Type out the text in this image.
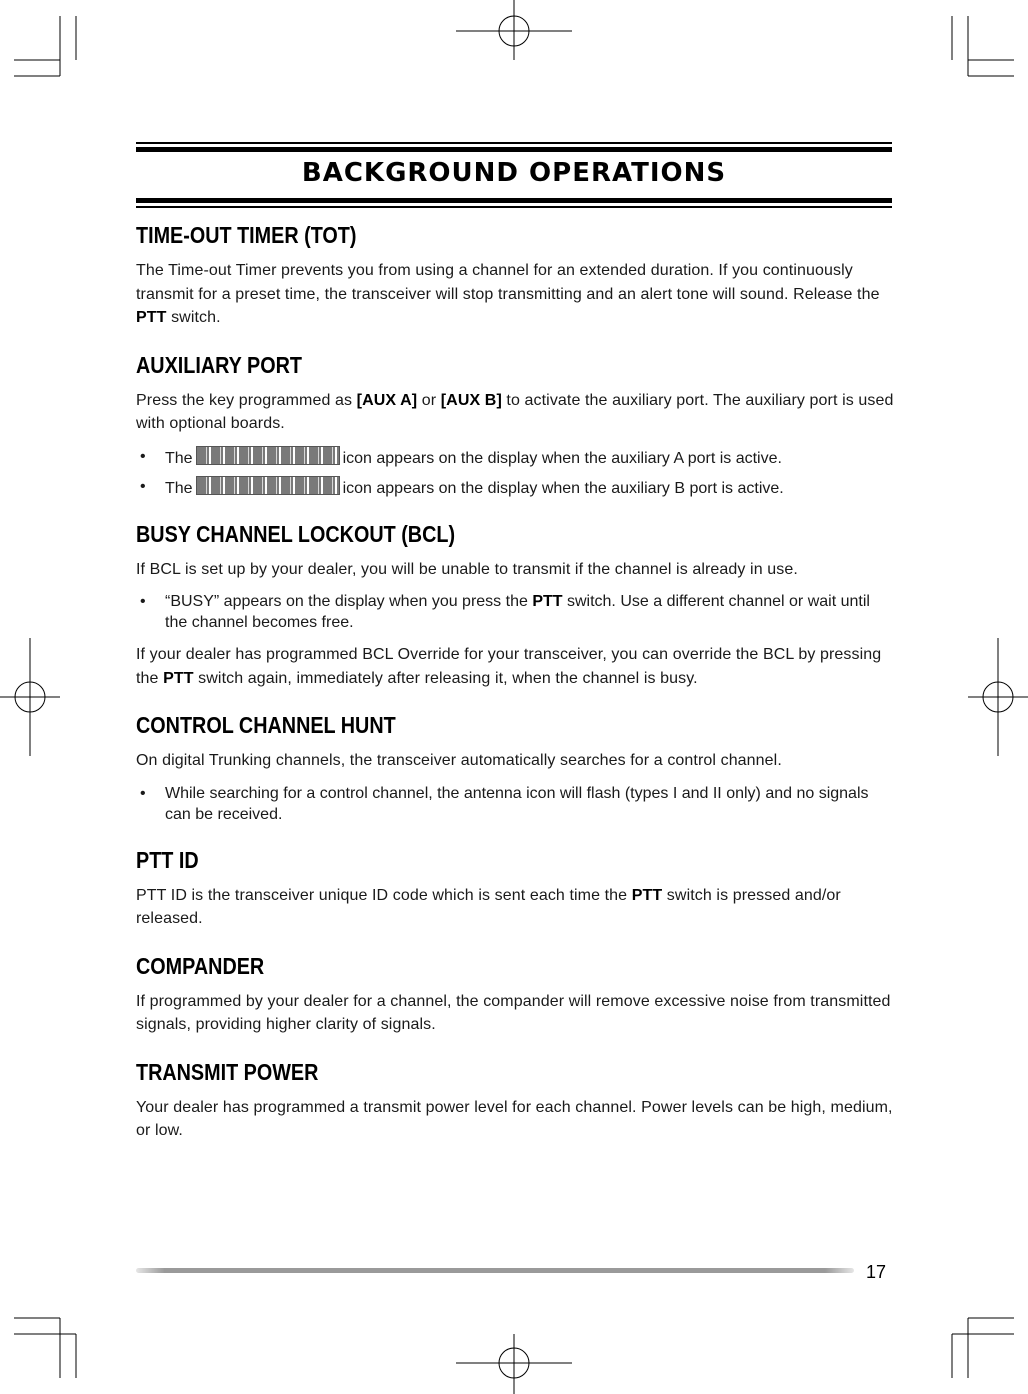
BACKGROUND OPERATIONS
TIME-OUT TIMER (TOT)

The Time-out Timer prevents you from using a channel for an extended duration. If you continuously transmit for a preset time, the transceiver will stop transmitting and an alert tone will sound. Release the PTT switch.

AUXILIARY PORT

Press the key programmed as [AUX A] or [AUX B] to activate the auxiliary port. The auxiliary port is used with optional boards.

• The	icon appears on the display when the auxiliary A port is active.
• The	icon appears on the display when the auxiliary B port is active.
BUSY CHANNEL LOCKOUT (BCL)

If BCL is set up by your dealer, you will be unable to transmit if the channel is already in use.

• “BUSY” appears on the display when you press the PTT switch. Use a different channel or wait until the channel becomes free.

If your dealer has programmed BCL Override for your transceiver, you can override the BCL by pressing the PTT switch again, immediately after releasing it, when the channel is busy.

CONTROL CHANNEL HUNT

On digital Trunking channels, the transceiver automatically searches for a control channel.

• While searching for a control channel, the antenna icon will flash (types I and II only) and no signals can be received.
PTT ID

PTT ID is the transceiver unique ID code which is sent each time the PTT switch is pressed and/or released.

COMPANDER

If programmed by your dealer for a channel, the compander will remove excessive noise from transmitted signals, providing higher clarity of signals.

TRANSMIT POWER

Your dealer has programmed a transmit power level for each channel. Power levels can be high, medium, or low.

17
